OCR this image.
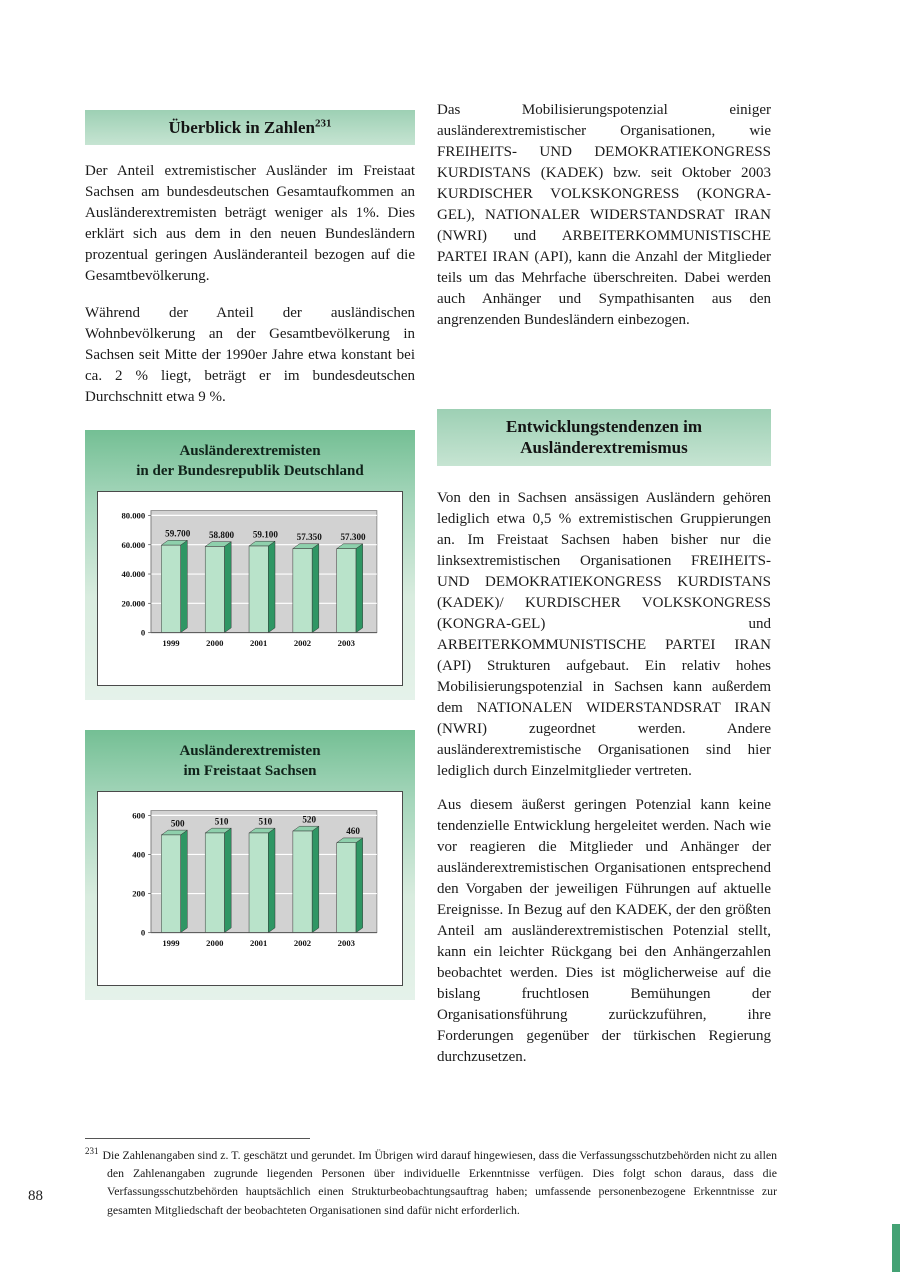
Überblick in Zahlen$^{231}$

Der Anteil extremistischer Ausländer im Freistaat Sachsen am bundesdeutschen Gesamtaufkommen an Ausländerextremisten beträgt weniger als 1%. Dies erklärt sich aus dem in den neuen Bundesländern prozentual geringen Ausländeranteil bezogen auf die Gesamtbevölkerung.

Während der Anteil der ausländischen Wohnbevölkerung an der Gesamtbevölkerung in Sachsen seit Mitte der 1990er Jahre etwa konstant bei ca. 2 % liegt, beträgt er im bundesdeutschen Durchschnitt etwa 9 %.

Ausländerextremisten
in der Bundesrepublik Deutschland
0
20.000
40.000
60.000
80.000
59.700
1999
58.800
2000
59.100
2001
57.350
2002
57.300
2003
Ausländerextremisten
im Freistaat Sachsen
0
200
400
600
500
1999
510
2000
510
2001
520
2002
460
2003

Das Mobilisierungspotenzial einiger ausländerextremistischer Organisationen, wie FREIHEITS- UND DEMOKRATIEKONGRESS KURDISTANS (KADEK) bzw. seit Oktober 2003 KURDISCHER VOLKSKONGRESS (KONGRA-GEL), NATIONALER WIDERSTANDSRAT IRAN (NWRI) und ARBEITERKOMMUNISTISCHE PARTEI IRAN (API), kann die Anzahl der Mitglieder teils um das Mehrfache überschreiten. Dabei werden auch Anhänger und Sympathisanten aus den angrenzenden Bundesländern einbezogen.

Entwicklungstendenzen im
Ausländerextremismus

Von den in Sachsen ansässigen Ausländern gehören lediglich etwa 0,5 % extremistischen Gruppierungen an. Im Freistaat Sachsen haben bisher nur die linksextremistischen Organisationen FREIHEITS- UND DEMOKRATIEKONGRESS KURDISTANS (KADEK)/ KURDISCHER VOLKSKONGRESS (KONGRA-GEL) und ARBEITERKOMMUNISTISCHE PARTEI IRAN (API) Strukturen aufgebaut. Ein relativ hohes Mobilisierungspotenzial in Sachsen kann außerdem dem NATIONALEN WIDERSTANDSRAT IRAN (NWRI) zugeordnet werden. Andere ausländerextremistische Organisationen sind hier lediglich durch Einzelmitglieder vertreten.

Aus diesem äußerst geringen Potenzial kann keine tendenzielle Entwicklung hergeleitet werden. Nach wie vor reagieren die Mitglieder und Anhänger der ausländerextremistischen Organisationen entsprechend den Vorgaben der jeweiligen Führungen auf aktuelle Ereignisse. In Bezug auf den KADEK, der den größten Anteil am ausländerextremistischen Potenzial stellt, kann ein leichter Rückgang bei den Anhängerzahlen beobachtet werden. Dies ist möglicherweise auf die bislang fruchtlosen Bemühungen der Organisationsführung zurückzuführen, ihre Forderungen gegenüber der türkischen Regierung durchzusetzen.

$^{231}$ Die Zahlenangaben sind z. T. geschätzt und gerundet. Im Übrigen wird darauf hingewiesen, dass die Verfassungsschutzbehörden nicht zu allen den Zahlenangaben zugrunde liegenden Personen über individuelle Erkenntnisse verfügen. Dies folgt schon daraus, dass die Verfassungsschutzbehörden hauptsächlich einen Strukturbeobachtungsauftrag haben; umfassende personenbezogene Erkenntnisse zur gesamten Mitgliedschaft der beobachteten Organisationen sind dafür nicht erforderlich.
88
